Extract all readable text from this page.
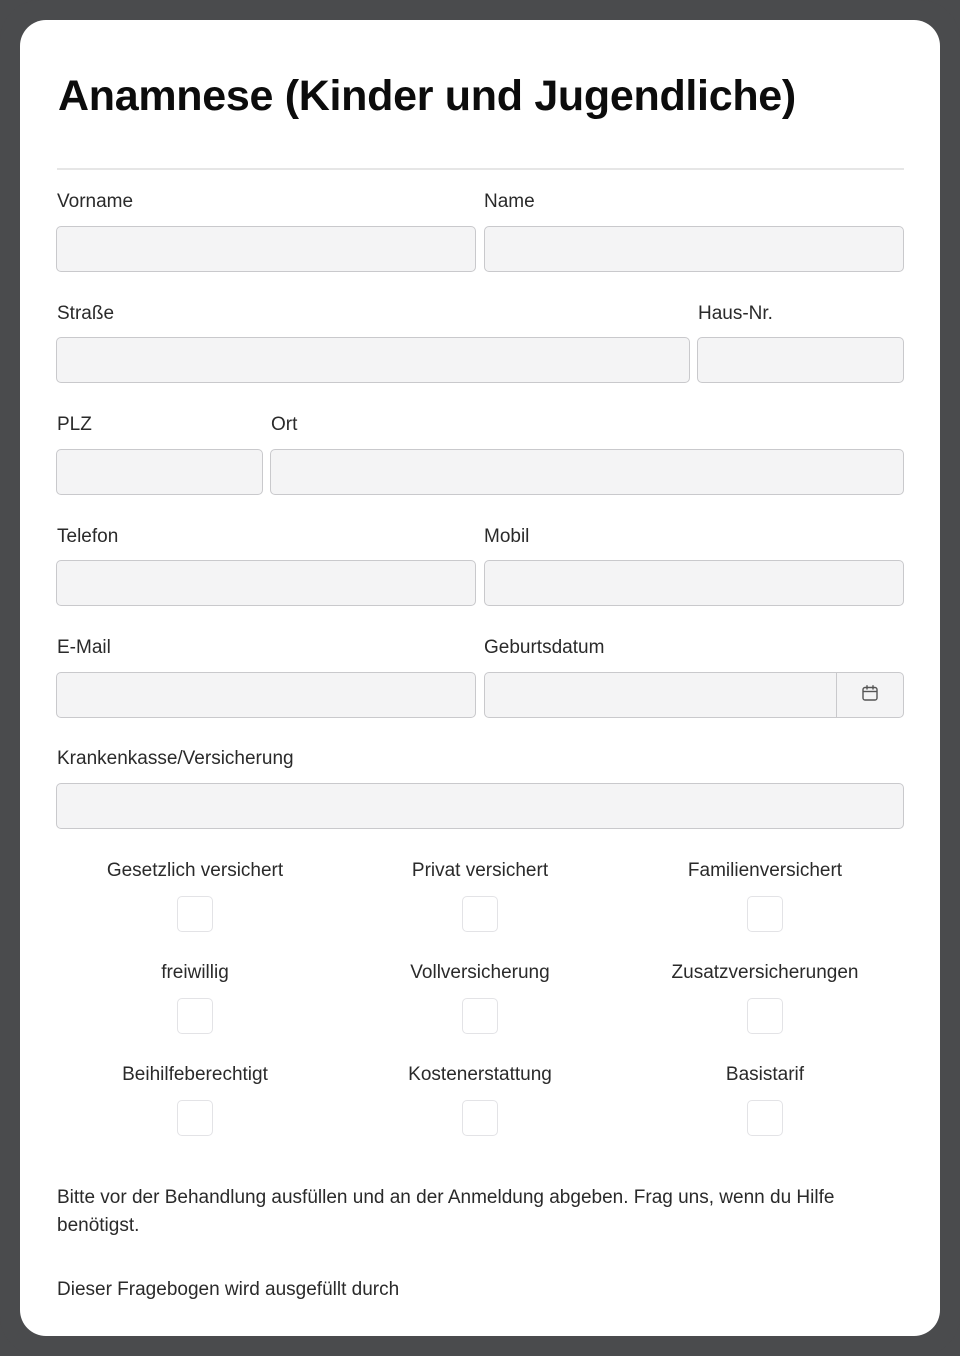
Anamnese (Kinder und Jugendliche)
Vorname	Name
Straße	Haus-Nr.
PLZ	Ort
Telefon	Mobil
E-Mail	Geburtsdatum
Krankenkasse/Versicherung
Gesetzlich versichert	Privat versichert	Familienversichert
freiwillig	Vollversicherung	Zusatzversicherungen
Beihilfeberechtigt	Kostenerstattung	Basistarif
Bitte vor der Behandlung ausfüllen und an der Anmeldung abgeben. Frag uns, wenn du Hilfe benötigst.
Dieser Fragebogen wird ausgefüllt durch
